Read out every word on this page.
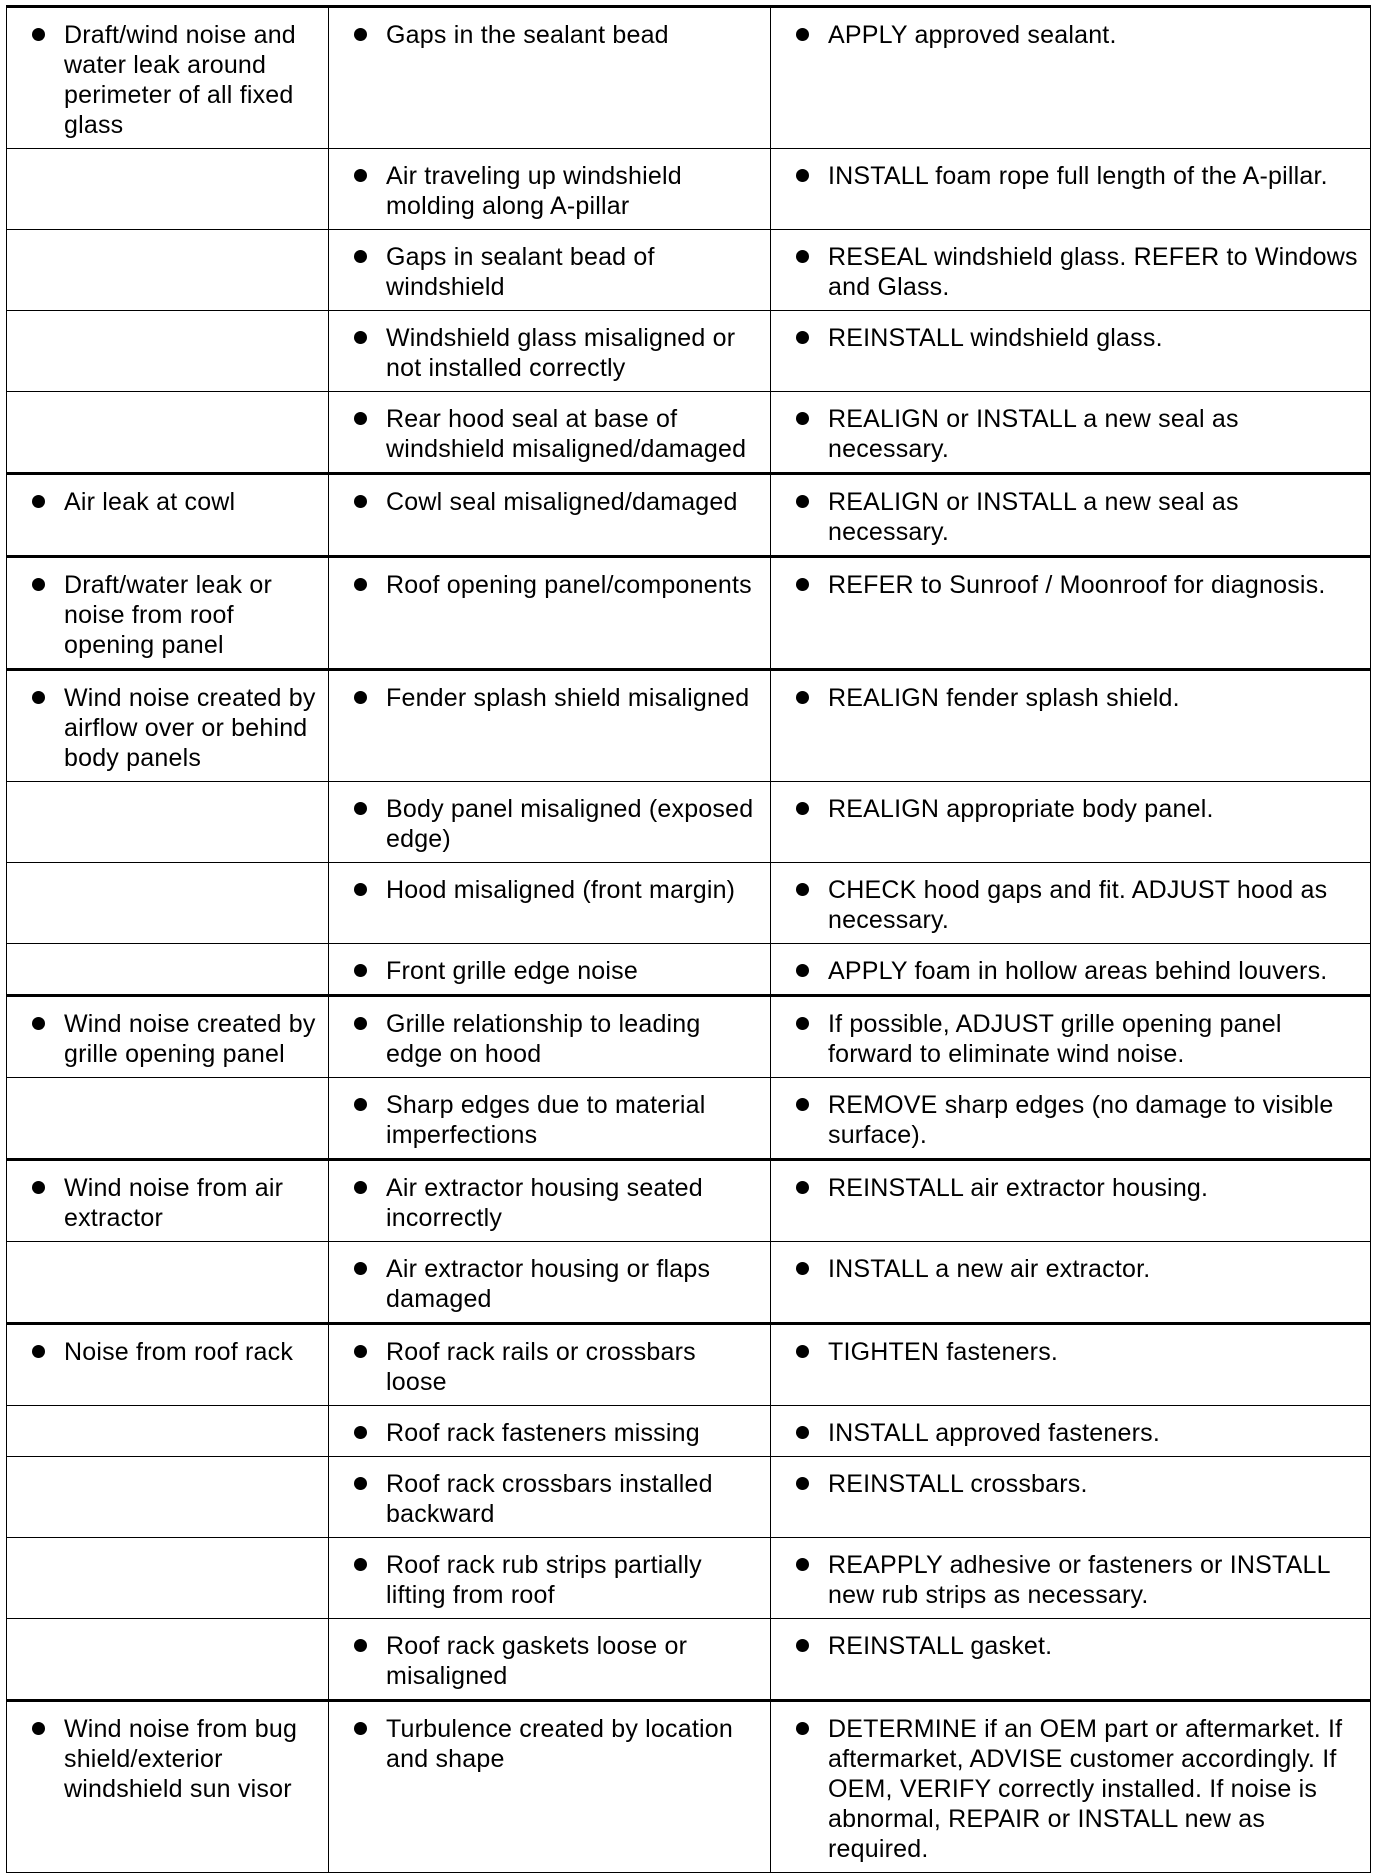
Draft/wind noise and water leak around perimeter of all fixed glass	Gaps in the sealant bead	APPLY approved sealant.

	Air traveling up windshield molding along A-pillar	INSTALL foam rope full length of the A-pillar.

	Gaps in sealant bead of windshield	RESEAL windshield glass. REFER to Windows and Glass.

	Windshield glass misaligned or not installed correctly	REINSTALL windshield glass.

	Rear hood seal at base of windshield misaligned/damaged	REALIGN or INSTALL a new seal as necessary.

Air leak at cowl	Cowl seal misaligned/damaged	REALIGN or INSTALL a new seal as necessary.

Draft/water leak or noise from roof opening panel	Roof opening panel/components	REFER to Sunroof / Moonroof for diagnosis.

Wind noise created by airflow over or behind body panels	Fender splash shield misaligned	REALIGN fender splash shield.

	Body panel misaligned (exposed edge)	REALIGN appropriate body panel.

	Hood misaligned (front margin)	CHECK hood gaps and fit. ADJUST hood as necessary.

	Front grille edge noise	APPLY foam in hollow areas behind louvers.

Wind noise created by grille opening panel	Grille relationship to leading edge on hood	If possible, ADJUST grille opening panel forward to eliminate wind noise.

	Sharp edges due to material imperfections	REMOVE sharp edges (no damage to visible surface).

Wind noise from air extractor	Air extractor housing seated incorrectly	REINSTALL air extractor housing.

	Air extractor housing or flaps damaged	INSTALL a new air extractor.

Noise from roof rack	Roof rack rails or crossbars loose	TIGHTEN fasteners.

	Roof rack fasteners missing	INSTALL approved fasteners.

	Roof rack crossbars installed backward	REINSTALL crossbars.

	Roof rack rub strips partially lifting from roof	REAPPLY adhesive or fasteners or INSTALL new rub strips as necessary.

	Roof rack gaskets loose or misaligned	REINSTALL gasket.

Wind noise from bug shield/exterior windshield sun visor	Turbulence created by location and shape	DETERMINE if an OEM part or aftermarket. If aftermarket, ADVISE customer accordingly. If OEM, VERIFY correctly installed. If noise is abnormal, REPAIR or INSTALL new as required.
